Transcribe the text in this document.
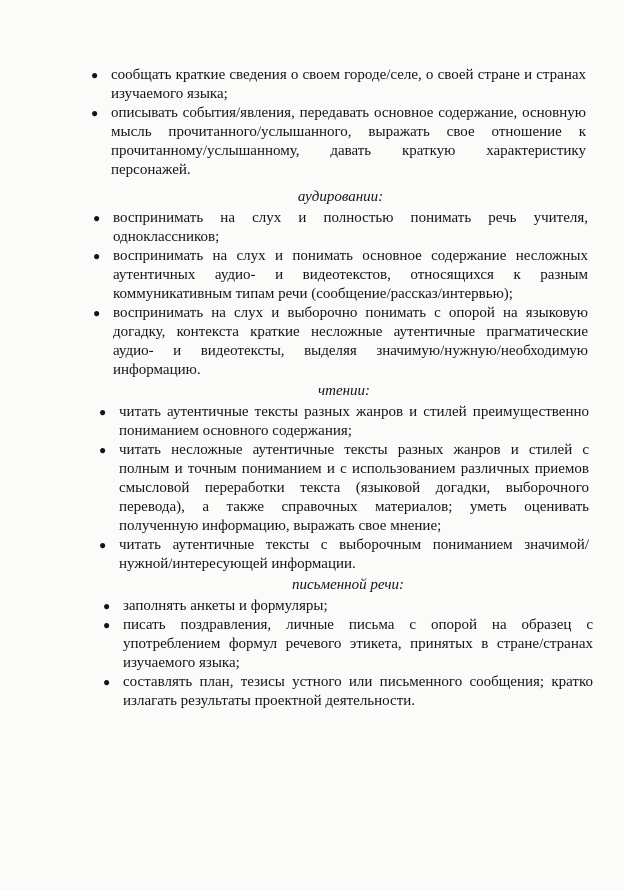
● сообщать краткие сведения о своем городе/селе, о своей стране и странах изучаемого языка;
● описывать события/явления, передавать основное содержание, основную мысль прочитанного/услышанного, выражать свое отношение к прочитанному/услышанному, давать краткую характеристику персонажей.
аудировании:
● воспринимать на слух и полностью понимать речь учителя, одноклассников;
● воспринимать на слух и понимать основное содержание несложных аутентичных аудио- и видеотекстов, относящихся к разным коммуникативным типам речи (сообщение/рассказ/интервью);
● воспринимать на слух и выборочно понимать с опорой на языковую догадку, контекста краткие несложные аутентичные прагматические аудио- и видеотексты, выделяя значимую/нужную/необходимую информацию.
чтении:
● читать аутентичные тексты разных жанров и стилей преимущественно пониманием основного содержания;
● читать несложные аутентичные тексты разных жанров и стилей с полным и точным пониманием и с использованием различных приемов смысловой переработки текста (языковой догадки, выборочного перевода), а также справочных материалов; уметь оценивать полученную информацию, выражать свое мнение;
● читать аутентичные тексты с выборочным пониманием значимой/нужной/интересующей информации.
письменной речи:
● заполнять анкеты и формуляры;
● писать поздравления, личные письма с опорой на образец с употреблением формул речевого этикета, принятых в стране/странах изучаемого языка;
● составлять план, тезисы устного или письменного сообщения; кратко излагать результаты проектной деятельности.
